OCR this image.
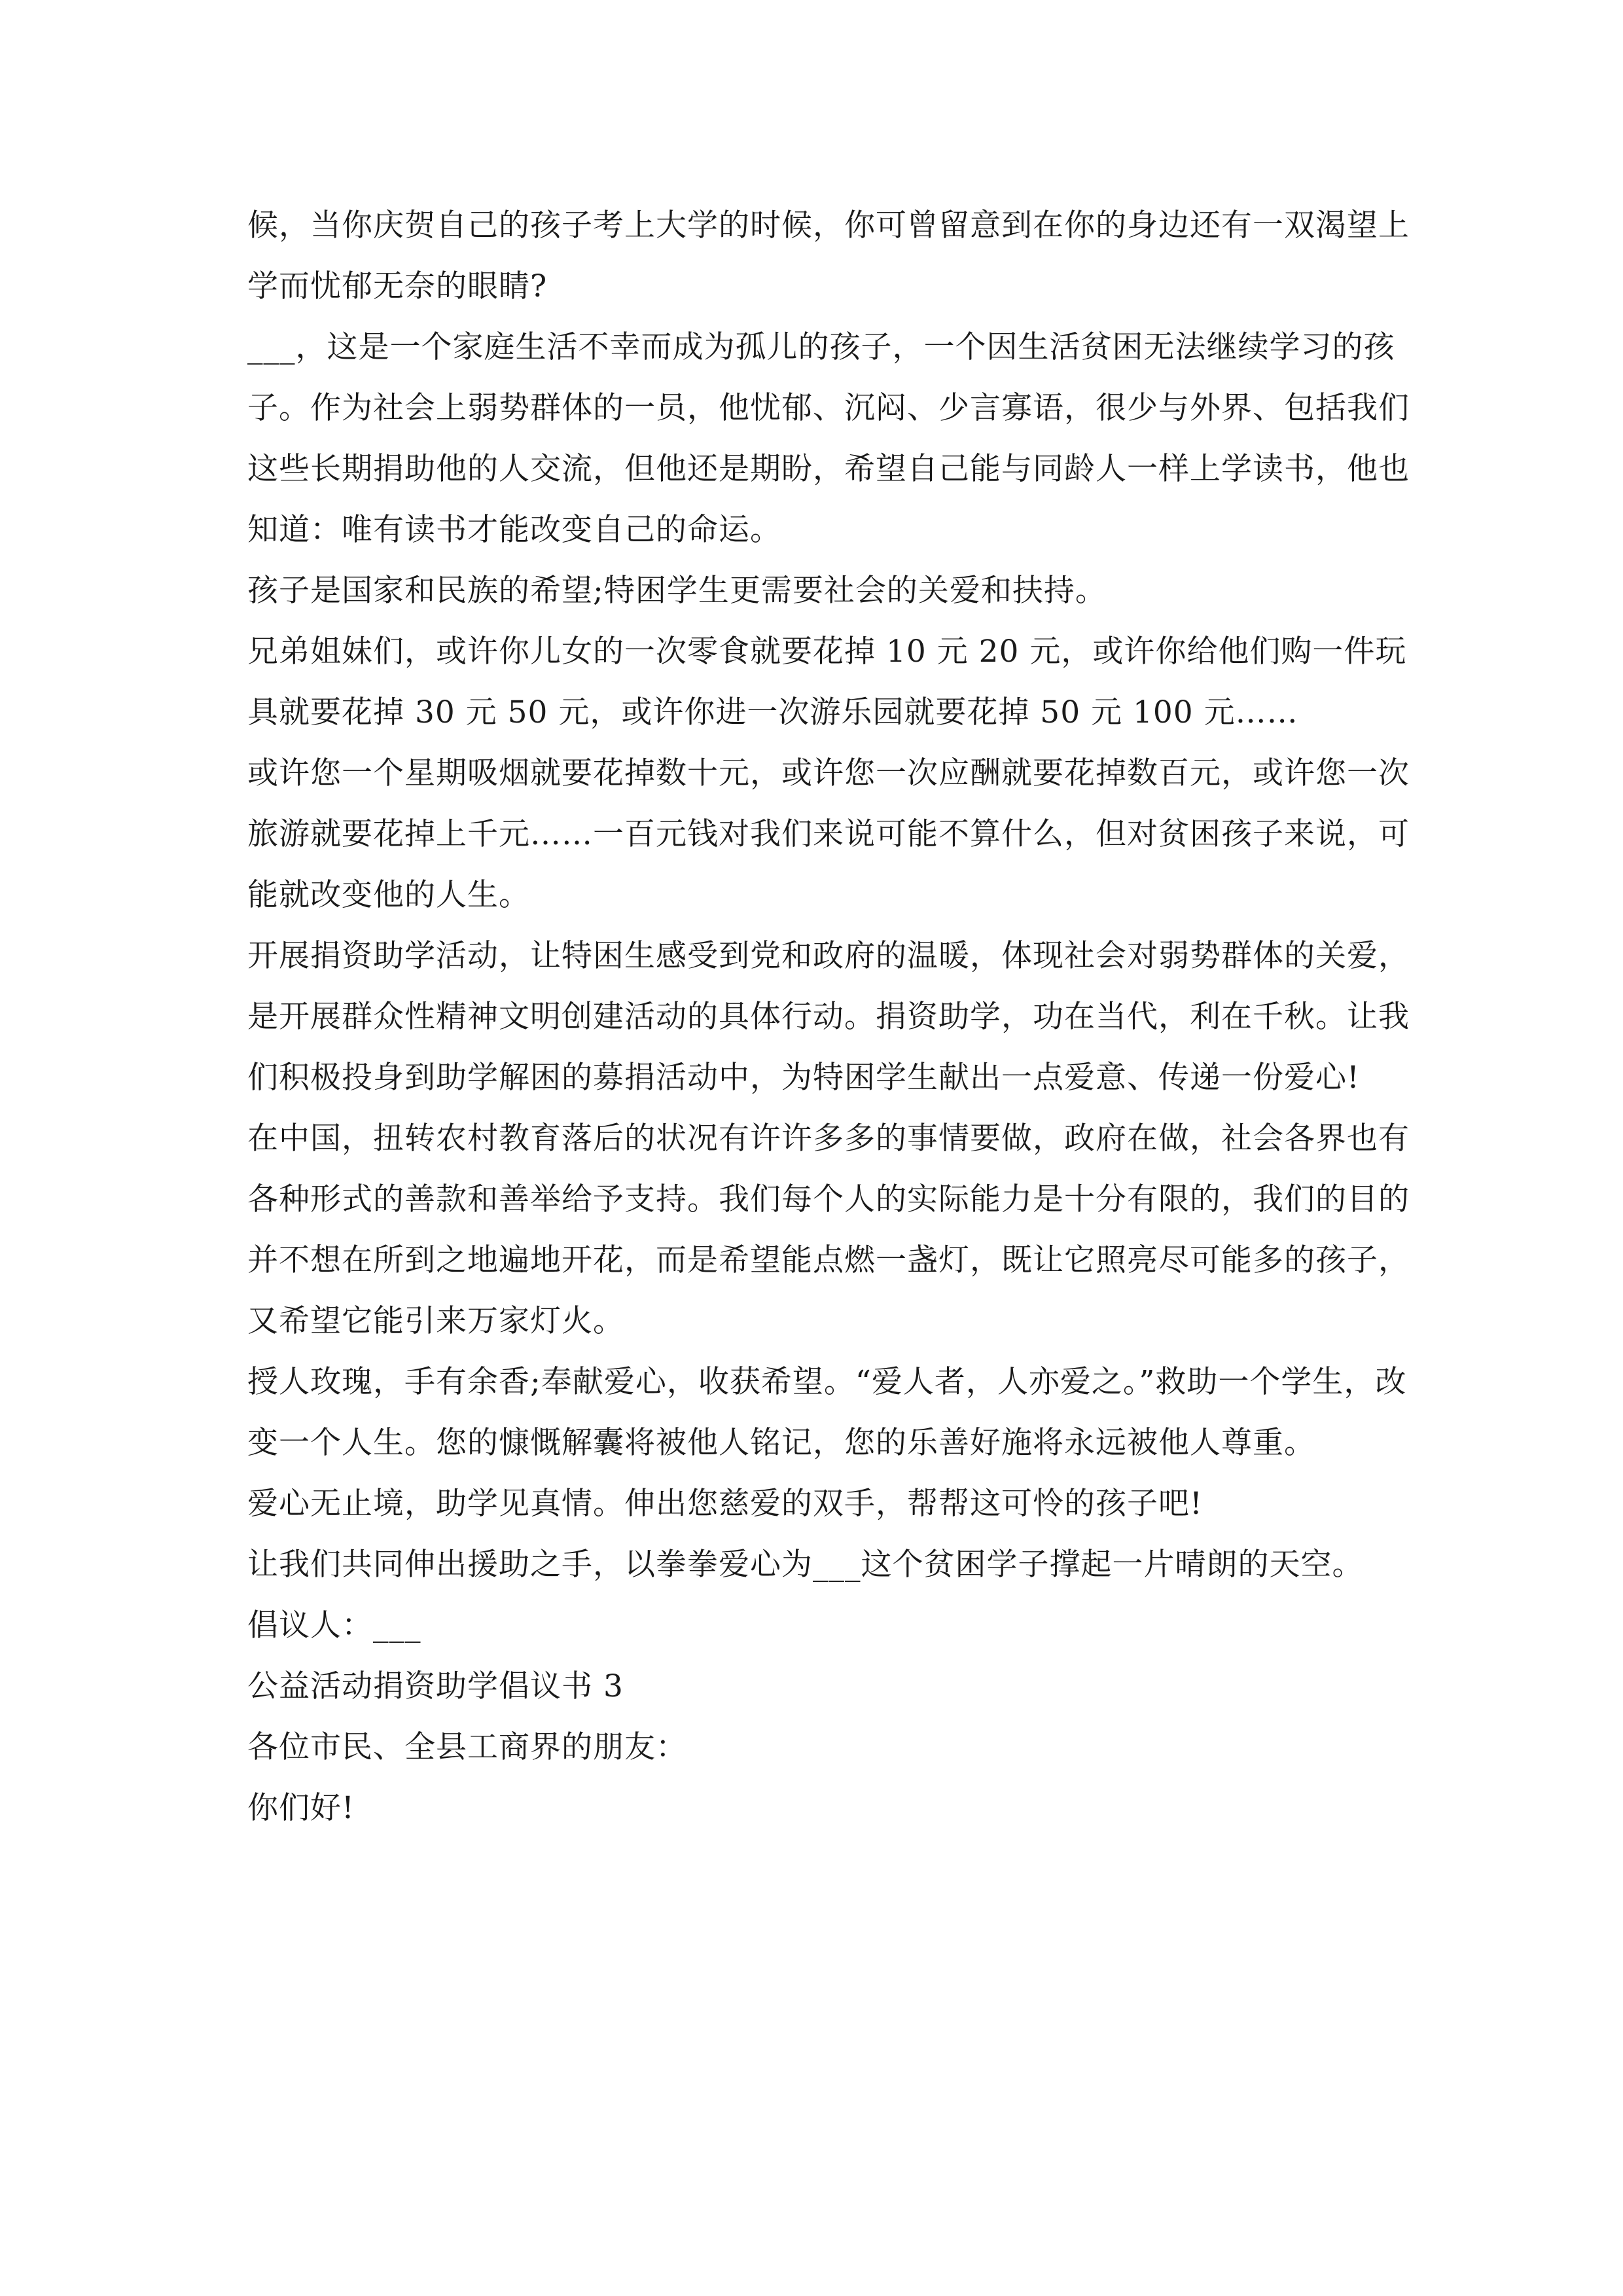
候，当你庆贺自己的孩子考上大学的时候，你可曾留意到在你的身边还有一双渴望上学而忧郁无奈的眼睛?

___，这是一个家庭生活不幸而成为孤儿的孩子，一个因生活贫困无法继续学习的孩子。作为社会上弱势群体的一员，他忧郁、沉闷、少言寡语，很少与外界、包括我们这些长期捐助他的人交流，但他还是期盼，希望自己能与同龄人一样上学读书，他也知道：唯有读书才能改变自己的命运。

孩子是国家和民族的希望;特困学生更需要社会的关爱和扶持。

兄弟姐妹们，或许你儿女的一次零食就要花掉 10 元 20 元，或许你给他们购一件玩具就要花掉 30 元 50 元，或许你进一次游乐园就要花掉 50 元 100 元……

或许您一个星期吸烟就要花掉数十元，或许您一次应酬就要花掉数百元，或许您一次旅游就要花掉上千元……一百元钱对我们来说可能不算什么，但对贫困孩子来说，可能就改变他的人生。

开展捐资助学活动，让特困生感受到党和政府的温暖，体现社会对弱势群体的关爱，是开展群众性精神文明创建活动的具体行动。捐资助学，功在当代，利在千秋。让我们积极投身到助学解困的募捐活动中，为特困学生献出一点爱意、传递一份爱心!

在中国，扭转农村教育落后的状况有许许多多的事情要做，政府在做，社会各界也有各种形式的善款和善举给予支持。我们每个人的实际能力是十分有限的，我们的目的并不想在所到之地遍地开花，而是希望能点燃一盏灯，既让它照亮尽可能多的孩子，又希望它能引来万家灯火。

授人玫瑰，手有余香;奉献爱心，收获希望。“爱人者，人亦爱之。”救助一个学生，改变一个人生。您的慷慨解囊将被他人铭记，您的乐善好施将永远被他人尊重。

爱心无止境，助学见真情。伸出您慈爱的双手，帮帮这可怜的孩子吧!

让我们共同伸出援助之手，以拳拳爱心为___这个贫困学子撑起一片晴朗的天空。

倡议人：___

公益活动捐资助学倡议书 3

各位市民、全县工商界的朋友：

你们好!
